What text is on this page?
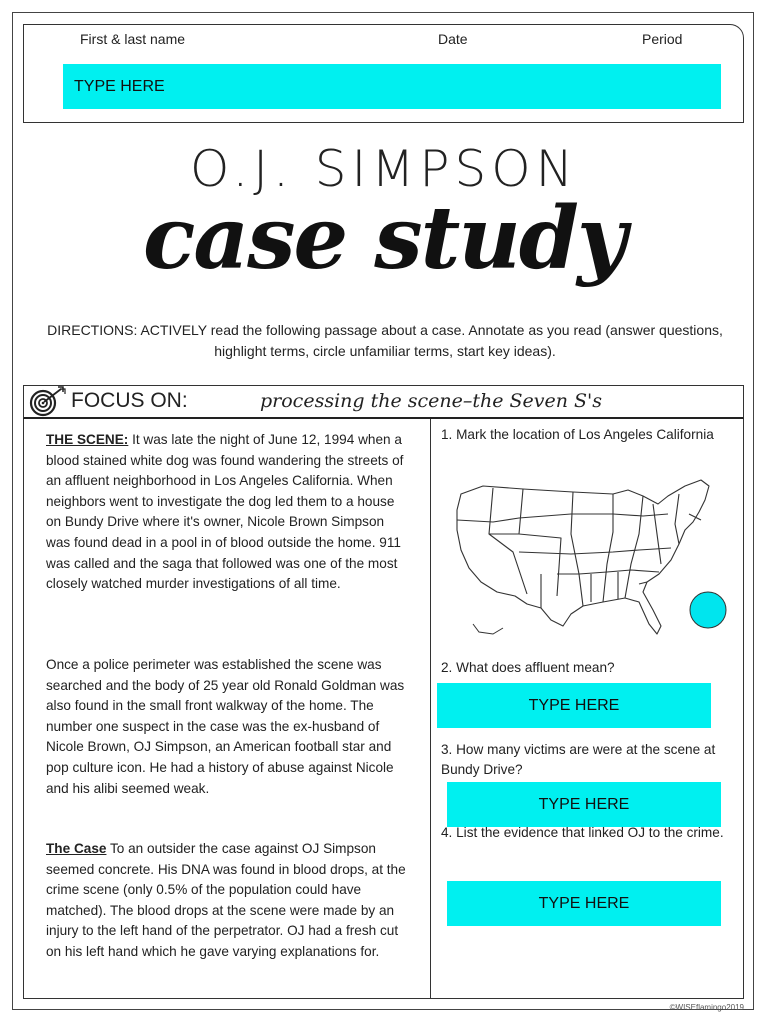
First & last name	Date	Period
TYPE HERE
O.J. SIMPSON
case study
DIRECTIONS: ACTIVELY read the following passage about a case. Annotate as you read (answer questions, highlight terms, circle unfamiliar terms, start key ideas).
FOCUS ON:	processing the scene–the Seven S's
THE SCENE: It was late the night of June 12, 1994 when a blood stained white dog was found wandering the streets of an affluent neighborhood in Los Angeles California. When neighbors went to investigate the dog led them to a house on Bundy Drive where it's owner, Nicole Brown Simpson was found dead in a pool in of blood outside the home. 911 was called and the saga that followed was one of the most closely watched murder investigations of all time.
Once a police perimeter was established the scene was searched and the body of 25 year old Ronald Goldman was also found in the small front walkway of the home. The number one suspect in the case was the ex-husband of Nicole Brown, OJ Simpson, an American football star and pop culture icon. He had a history of abuse against Nicole and his alibi seemed weak.
The Case To an outsider the case against OJ Simpson seemed concrete. His DNA was found in blood drops, at the crime scene (only 0.5% of the population could have matched). The blood drops at the scene were made by an injury to the left hand of the perpetrator. OJ had a fresh cut on his left hand which he gave varying explanations for.
1. Mark the location of Los Angeles California
2. What does affluent mean?
TYPE HERE
3. How many victims are were at the scene at Bundy Drive?
TYPE HERE
4. List the evidence that linked OJ to the crime.
TYPE HERE
©WISEflamingo2019
